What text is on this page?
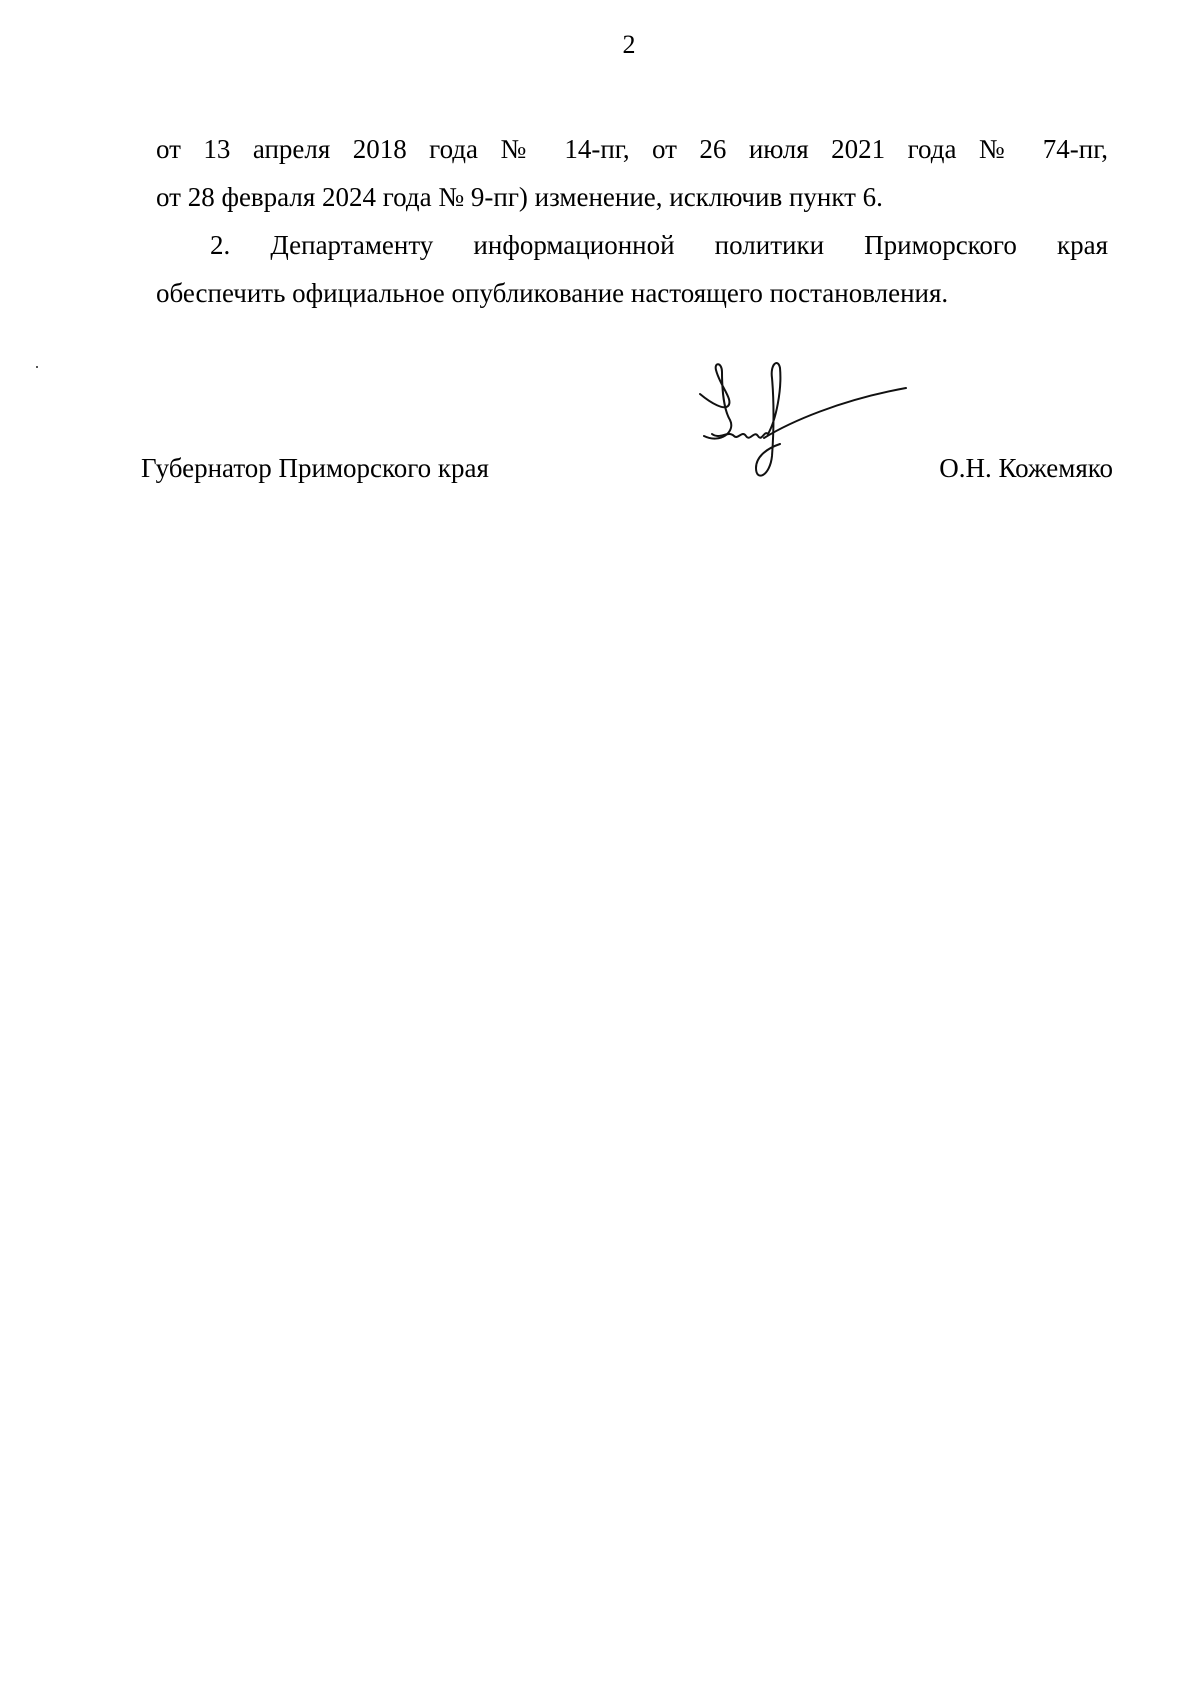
2

от 13 апреля 2018 года № 14-пг, от 26 июля 2021 года № 74-пг,
от 28 февраля 2024 года № 9-пг) изменение, исключив пункт 6.

2. Департаменту информационной политики Приморского края
обеспечить официальное опубликование настоящего постановления.

Губернатор Приморского края	О.Н. Кожемяко
